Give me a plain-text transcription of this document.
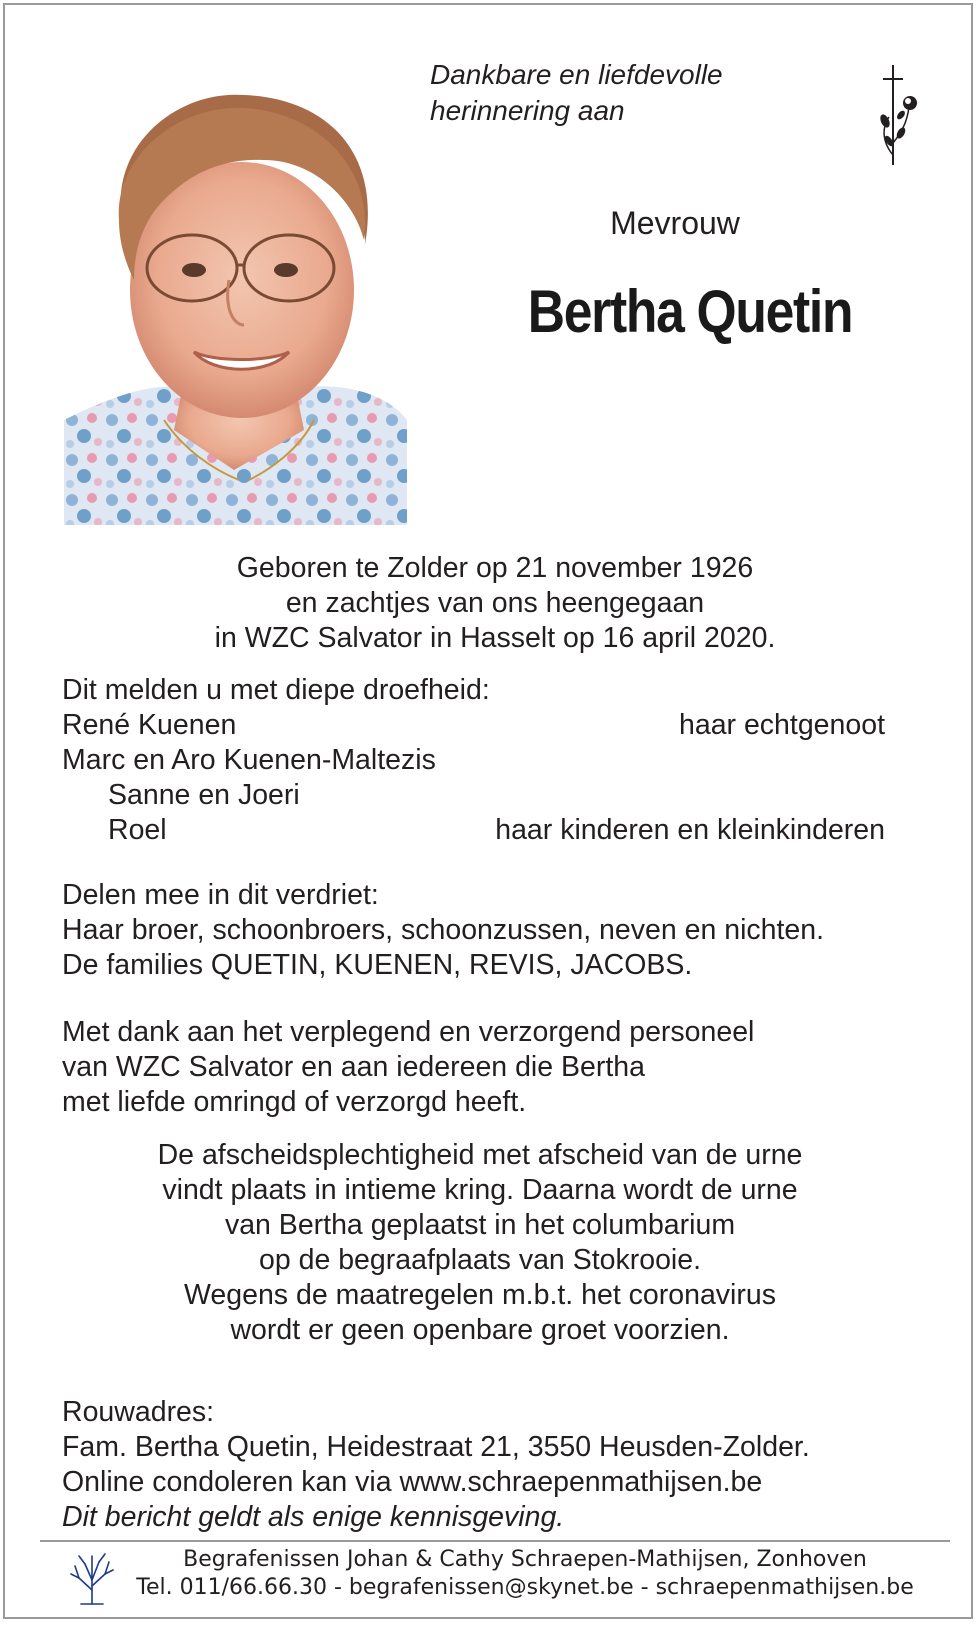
Dankbare en liefdevolle
herinnering aan
Mevrouw
Bertha Quetin
Geboren te Zolder op 21 november 1926
en zachtjes van ons heengegaan
in WZC Salvator in Hasselt op 16 april 2020.
Dit melden u met diepe droefheid:
René Kuenen	haar echtgenoot
Marc en Aro Kuenen-Maltezis
Sanne en Joeri
Roel	haar kinderen en kleinkinderen
Delen mee in dit verdriet:
Haar broer, schoonbroers, schoonzussen, neven en nichten.
De families QUETIN, KUENEN, REVIS, JACOBS.
Met dank aan het verplegend en verzorgend personeel
van WZC Salvator en aan iedereen die Bertha
met liefde omringd of verzorgd heeft.
De afscheidsplechtigheid met afscheid van de urne
vindt plaats in intieme kring. Daarna wordt de urne
van Bertha geplaatst in het columbarium
op de begraafplaats van Stokrooie.
Wegens de maatregelen m.b.t. het coronavirus
wordt er geen openbare groet voorzien.
Rouwadres:
Fam. Bertha Quetin, Heidestraat 21, 3550 Heusden-Zolder.
Online condoleren kan via www.schraepenmathijsen.be
Dit bericht geldt als enige kennisgeving.
Begrafenissen Johan & Cathy Schraepen-Mathijsen, Zonhoven
Tel. 011/66.66.30 - begrafenissen@skynet.be - schraepenmathijsen.be
